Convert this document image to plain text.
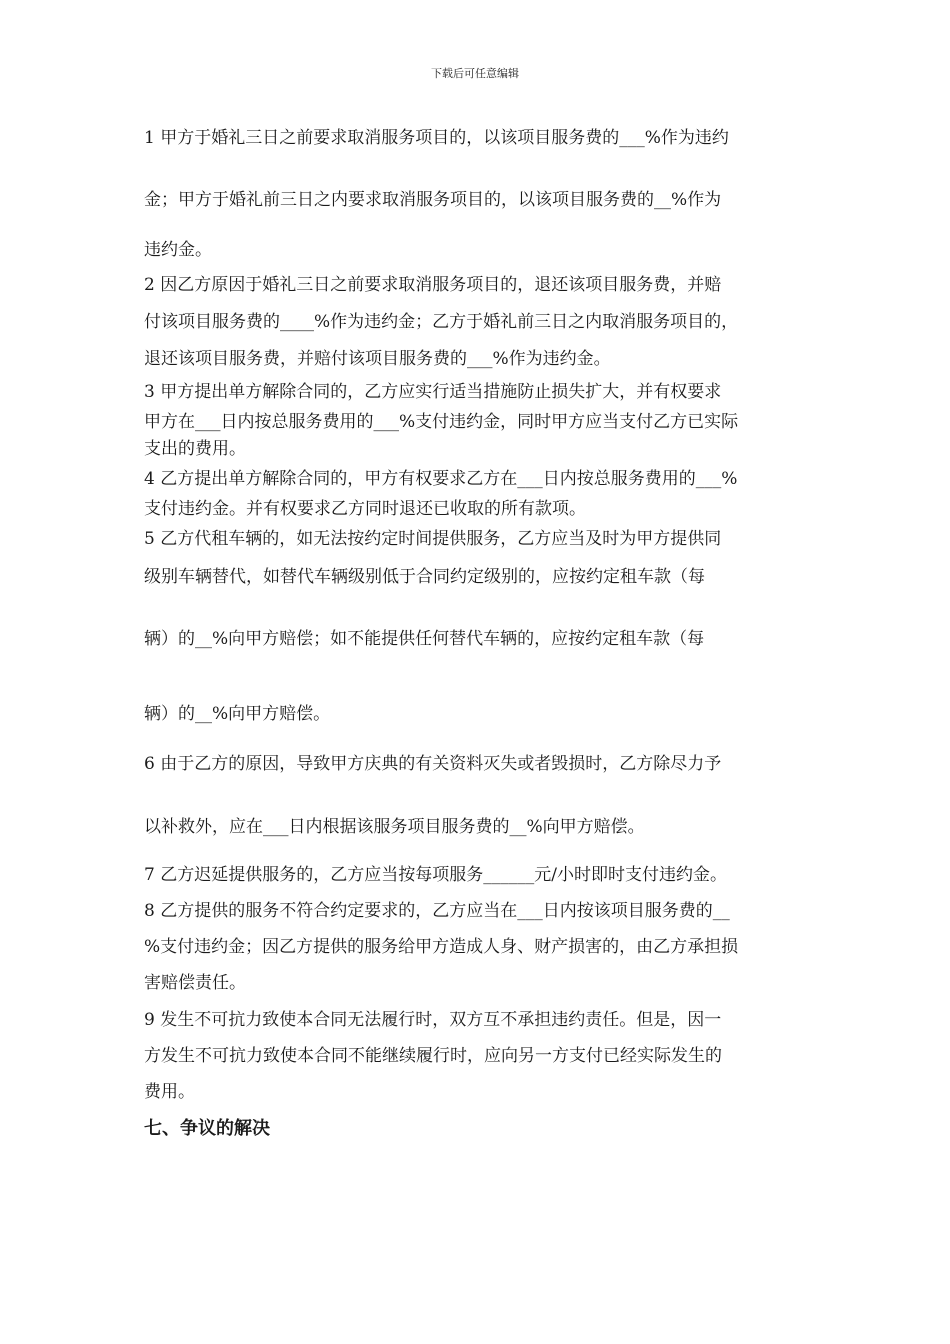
下载后可任意编辑
1 甲方于婚礼三日之前要求取消服务项目的，以该项目服务费的___%作为违约
金；甲方于婚礼前三日之内要求取消服务项目的，以该项目服务费的__%作为
违约金。
2 因乙方原因于婚礼三日之前要求取消服务项目的，退还该项目服务费，并赔
付该项目服务费的____%作为违约金；乙方于婚礼前三日之内取消服务项目的，
退还该项目服务费，并赔付该项目服务费的___%作为违约金。
3 甲方提出单方解除合同的，乙方应实行适当措施防止损失扩大，并有权要求
甲方在___日内按总服务费用的___%支付违约金，同时甲方应当支付乙方已实际
支出的费用。
4 乙方提出单方解除合同的，甲方有权要求乙方在___日内按总服务费用的___%
支付违约金。并有权要求乙方同时退还已收取的所有款项。
5 乙方代租车辆的，如无法按约定时间提供服务，乙方应当及时为甲方提供同
级别车辆替代，如替代车辆级别低于合同约定级别的，应按约定租车款（每
辆）的__%向甲方赔偿；如不能提供任何替代车辆的，应按约定租车款（每
辆）的__%向甲方赔偿。
6 由于乙方的原因，导致甲方庆典的有关资料灭失或者毁损时，乙方除尽力予
以补救外，应在___日内根据该服务项目服务费的__%向甲方赔偿。
7 乙方迟延提供服务的，乙方应当按每项服务______元/小时即时支付违约金。
8 乙方提供的服务不符合约定要求的，乙方应当在___日内按该项目服务费的__
%支付违约金；因乙方提供的服务给甲方造成人身、财产损害的，由乙方承担损
害赔偿责任。
9 发生不可抗力致使本合同无法履行时，双方互不承担违约责任。但是，因一
方发生不可抗力致使本合同不能继续履行时，应向另一方支付已经实际发生的
费用。
七、争议的解决
